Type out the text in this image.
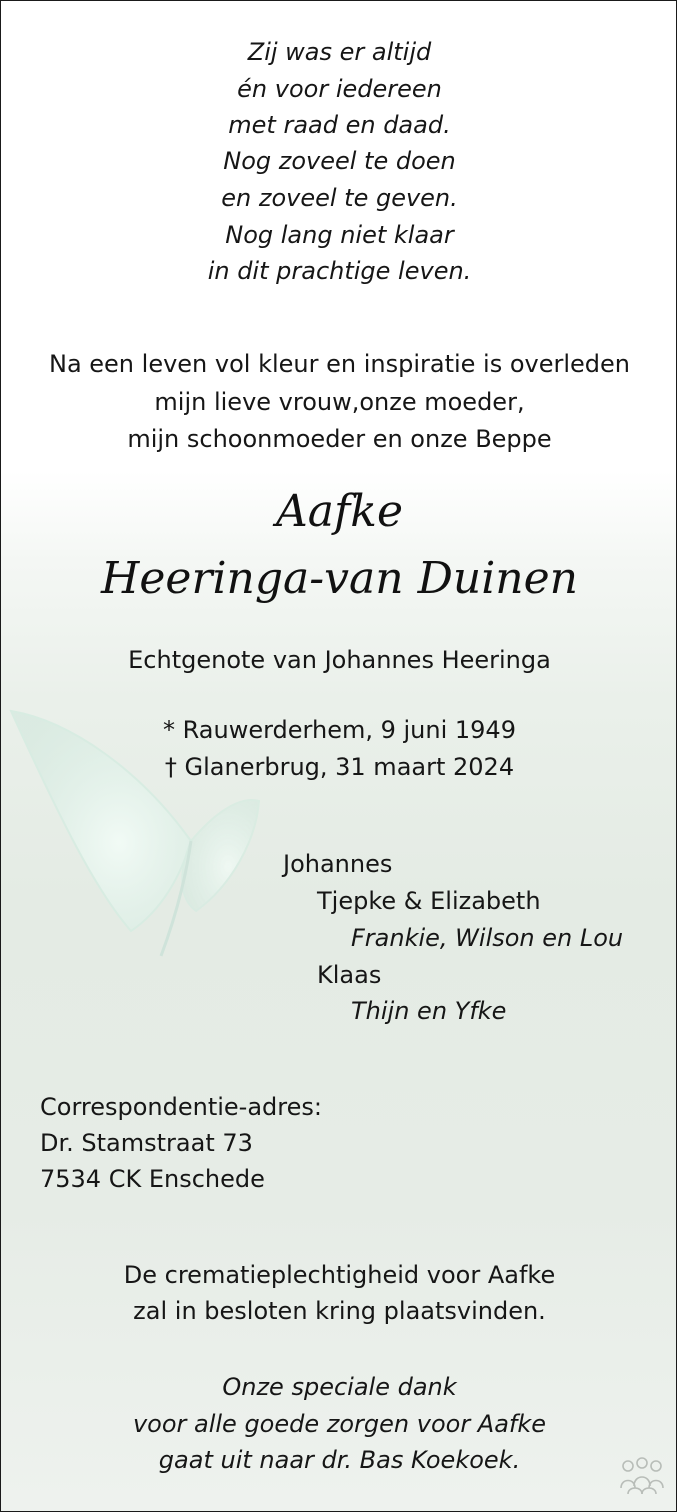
Zij was er altijd
én voor iedereen
met raad en daad.
Nog zoveel te doen
en zoveel te geven.
Nog lang niet klaar
in dit prachtige leven.
Na een leven vol kleur en inspiratie is overleden
mijn lieve vrouw,onze moeder,
mijn schoonmoeder en onze Beppe
Aafke
Heeringa-van Duinen
Echtgenote van Johannes Heeringa
* Rauwerderhem, 9 juni 1949
† Glanerbrug, 31 maart 2024
Johannes
Tjepke & Elizabeth
Frankie, Wilson en Lou
Klaas
Thijn en Yfke
Correspondentie-adres:
Dr. Stamstraat 73
7534 CK Enschede
De crematieplechtigheid voor Aafke
zal in besloten kring plaatsvinden.
Onze speciale dank
voor alle goede zorgen voor Aafke
gaat uit naar dr. Bas Koekoek.
